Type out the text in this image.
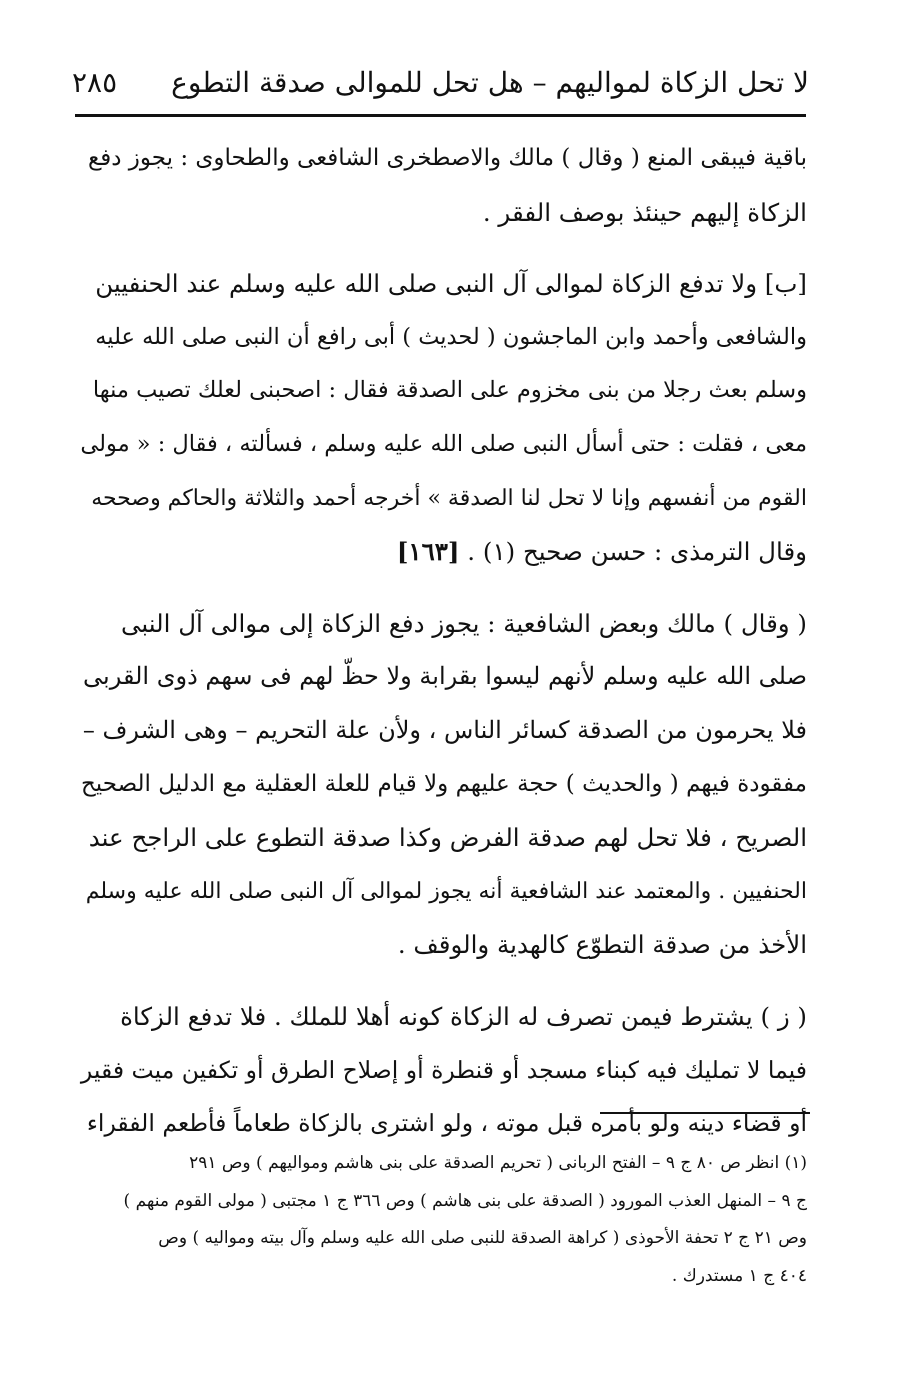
لا تحل الزكاة لمواليهم – هل تحل للموالى صدقة التطوع
٢٨٥

باقية فيبقى المنع ( وقال ) مالك والاصطخرى الشافعى والطحاوى : يجوز دفع
الزكاة إليهم حينئذ بوصف الفقر .

[ب] ولا تدفع الزكاة لموالى آل النبى صلى الله عليه وسلم عند الحنفيين
والشافعى وأحمد وابن الماجشون ( لحديث ) أبى رافع أن النبى صلى الله عليه
وسلم بعث رجلا من بنى مخزوم على الصدقة فقال : اصحبنى لعلك تصيب منها
معى ، فقلت : حتى أسأل النبى صلى الله عليه وسلم ، فسألته ، فقال : « مولى
القوم من أنفسهم وإنا لا تحل لنا الصدقة » أخرجه أحمد والثلاثة والحاكم وصححه
وقال الترمذى : حسن صحيح (١) . [١٦٣]

( وقال ) مالك وبعض الشافعية : يجوز دفع الزكاة إلى موالى آل النبى
صلى الله عليه وسلم لأنهم ليسوا بقرابة ولا حظّ لهم فى سهم ذوى القربى
فلا يحرمون من الصدقة كسائر الناس ، ولأن علة التحريم – وهى الشرف –
مفقودة فيهم ( والحديث ) حجة عليهم ولا قيام للعلة العقلية مع الدليل الصحيح
الصريح ، فلا تحل لهم صدقة الفرض وكذا صدقة التطوع على الراجح عند
الحنفيين . والمعتمد عند الشافعية أنه يجوز لموالى آل النبى صلى الله عليه وسلم
الأخذ من صدقة التطوّع كالهدية والوقف .

( ز ) يشترط فيمن تصرف له الزكاة كونه أهلا للملك . فلا تدفع الزكاة
فيما لا تمليك فيه كبناء مسجد أو قنطرة أو إصلاح الطرق أو تكفين ميت فقير
أو قضاء دينه ولو بأمره قبل موته ، ولو اشترى بالزكاة طعاماً فأطعم الفقراء

(١) انظر ص ٨٠ ج ٩ – الفتح الربانى ( تحريم الصدقة على بنى هاشم ومواليهم ) وص ٢٩١
ج ٩ – المنهل العذب المورود ( الصدقة على بنى هاشم ) وص ٣٦٦ ج ١ مجتبى ( مولى القوم منهم )
وص ٢١ ج ٢ تحفة الأحوذى ( كراهة الصدقة للنبى صلى الله عليه وسلم وآل بيته ومواليه ) وص
٤٠٤ ج ١ مستدرك .
